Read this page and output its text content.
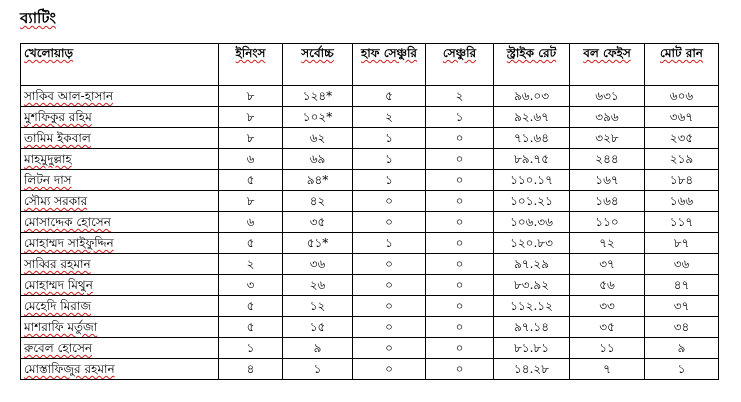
ব্যাটিং
খেলোয়াড়	ইনিংস	সর্বোচ্চ	হাফ সেঞ্চুরি	সেঞ্চুরি	স্ট্রাইক রেট	বল ফেইস	মোট রান
সাকিব আল-হাসান	৮	১২৪*	৫	২	৯৬.০৩	৬৩১	৬০৬
মুশফিকুর রহিম	৮	১০২*	২	১	৯২.৬৭	৩৯৬	৩৬৭
তামিম ইকবাল	৮	৬২	১	০	৭১.৬৪	৩২৮	২৩৫
মাহমুদুল্লাহ	৬	৬৯	১	০	৮৯.৭৫	২৪৪	২১৯
লিটন দাস	৫	৯৪*	১	০	১১০.১৭	১৬৭	১৮৪
সৌম্য সরকার	৮	৪২	০	০	১০১.২১	১৬৪	১৬৬
মোসাদ্দেক হোসেন	৬	৩৫	০	০	১০৬.৩৬	১১০	১১৭
মোহাম্মদ সাইফুদ্দিন	৫	৫১*	১	০	১২০.৮৩	৭২	৮৭
সাব্বির রহমান	২	৩৬	০	০	৯৭.২৯	৩৭	৩৬
মোহাম্মদ মিথুন	৩	২৬	০	০	৮৩.৯২	৫৬	৪৭
মেহেদি মিরাজ	৫	১২	০	০	১১২.১২	৩৩	৩৭
মাশরাফি মর্তুজা	৫	১৫	০	০	৯৭.১৪	৩৫	৩৪
রুবেল হোসেন	১	৯	০	০	৮১.৮১	১১	৯
মোস্তাফিজুর রহমান	৪	১	০	০	১৪.২৮	৭	১
